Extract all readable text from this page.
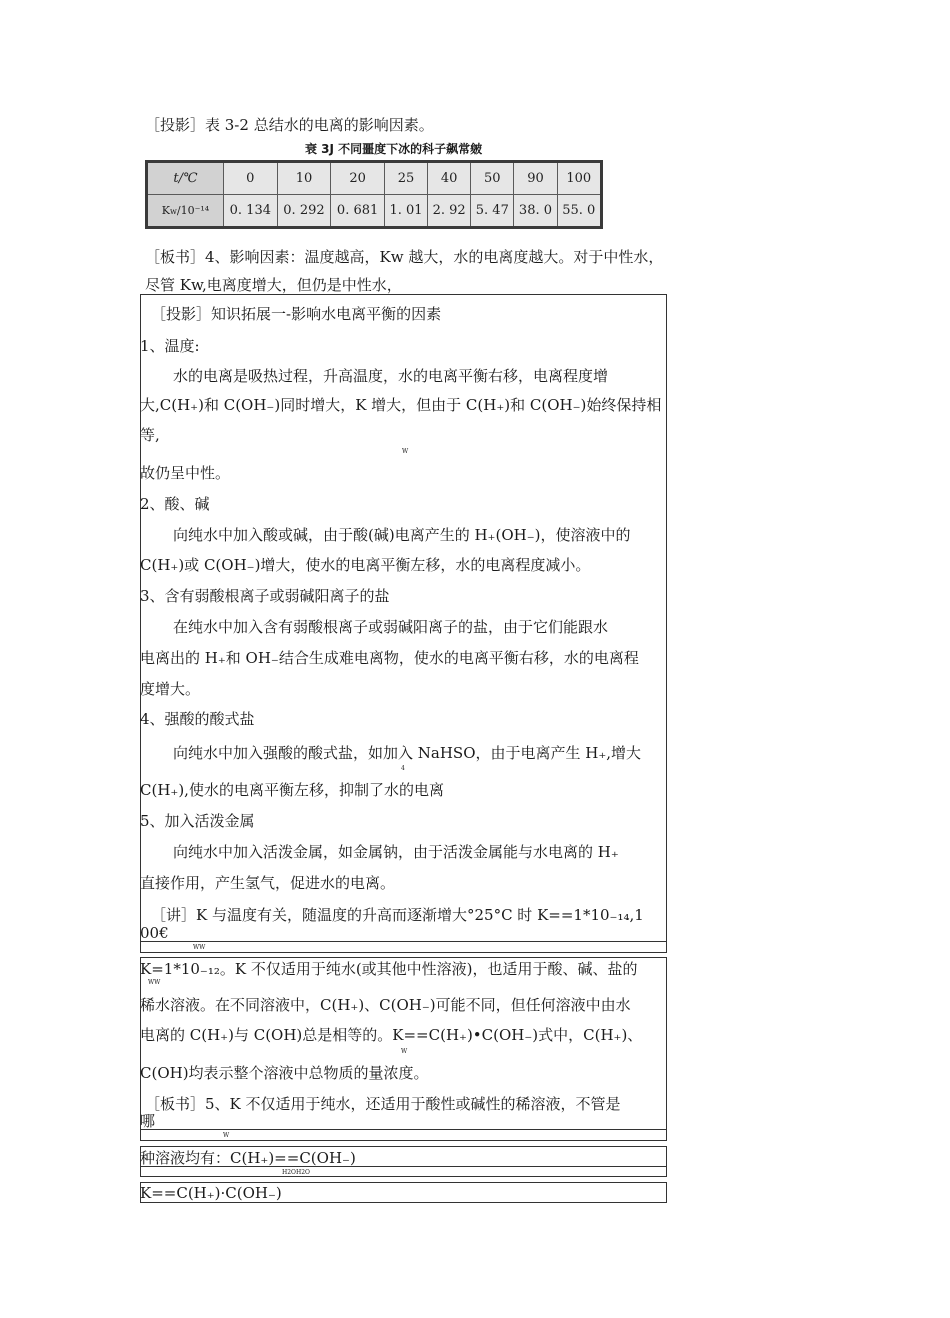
［投影］表 3-2 总结水的电离的影响因素。
衰 3J 不同噩度下冰的科子飙常皴
t/℃	0	10	20	25	40	50	90	100
Kw/10⁻¹⁴	0. 134	0. 292	0. 681	1. 01	2. 92	5. 47	38. 0	55. 0
［板书］4、影响因素：温度越高，Kw 越大，水的电离度越大。对于中性水，
尽管 Kw,电离度增大，但仍是中性水，
［投影］知识拓展一-影响水电离平衡的因素
1、温度:
水的电离是吸热过程，升高温度，水的电离平衡右移，电离程度增
大,C(H₊)和 C(OH₋)同时增大，K 增大，但由于 C(H₊)和 C(OH₋)始终保持相
等,
W
故仍呈中性。
2、酸、碱
向纯水中加入酸或碱，由于酸(碱)电离产生的 H₊(OH₋)，使溶液中的
C(H₊)或 C(OH₋)增大，使水的电离平衡左移，水的电离程度减小。
3、含有弱酸根离子或弱碱阳离子的盐
在纯水中加入含有弱酸根离子或弱碱阳离子的盐，由于它们能跟水
电离出的 H₊和 OH₋结合生成难电离物，使水的电离平衡右移，水的电离程
度增大。
4、强酸的酸式盐
向纯水中加入强酸的酸式盐，如加入 NaHSO，由于电离产生 H₊,增大
4
C(H₊),使水的电离平衡左移，抑制了水的电离
5、加入活泼金属
向纯水中加入活泼金属，如金属钠，由于活泼金属能与水电离的 H₊
直接作用，产生氢气，促进水的电离。
［讲］K 与温度有关，随温度的升高而逐渐增大°25°C 时 K==1*10₋₁₄,1
00€
WW
K=1*10₋₁₂。K 不仅适用于纯水(或其他中性溶液)，也适用于酸、碱、盐的
WW
稀水溶液。在不同溶液中，C(H₊)、C(OH₋)可能不同，但任何溶液中由水
电离的 C(H₊)与 C(OH)总是相等的。K==C(H₊)•C(OH₋)式中，C(H₊)、
W
C(OH)均表示整个溶液中总物质的量浓度。
［板书］5、K 不仅适用于纯水，还适用于酸性或碱性的稀溶液，不管是
哪
W
种溶液均有：C(H₊)==C(OH₋)
H2OH2O
K==C(H₊)·C(OH₋)
